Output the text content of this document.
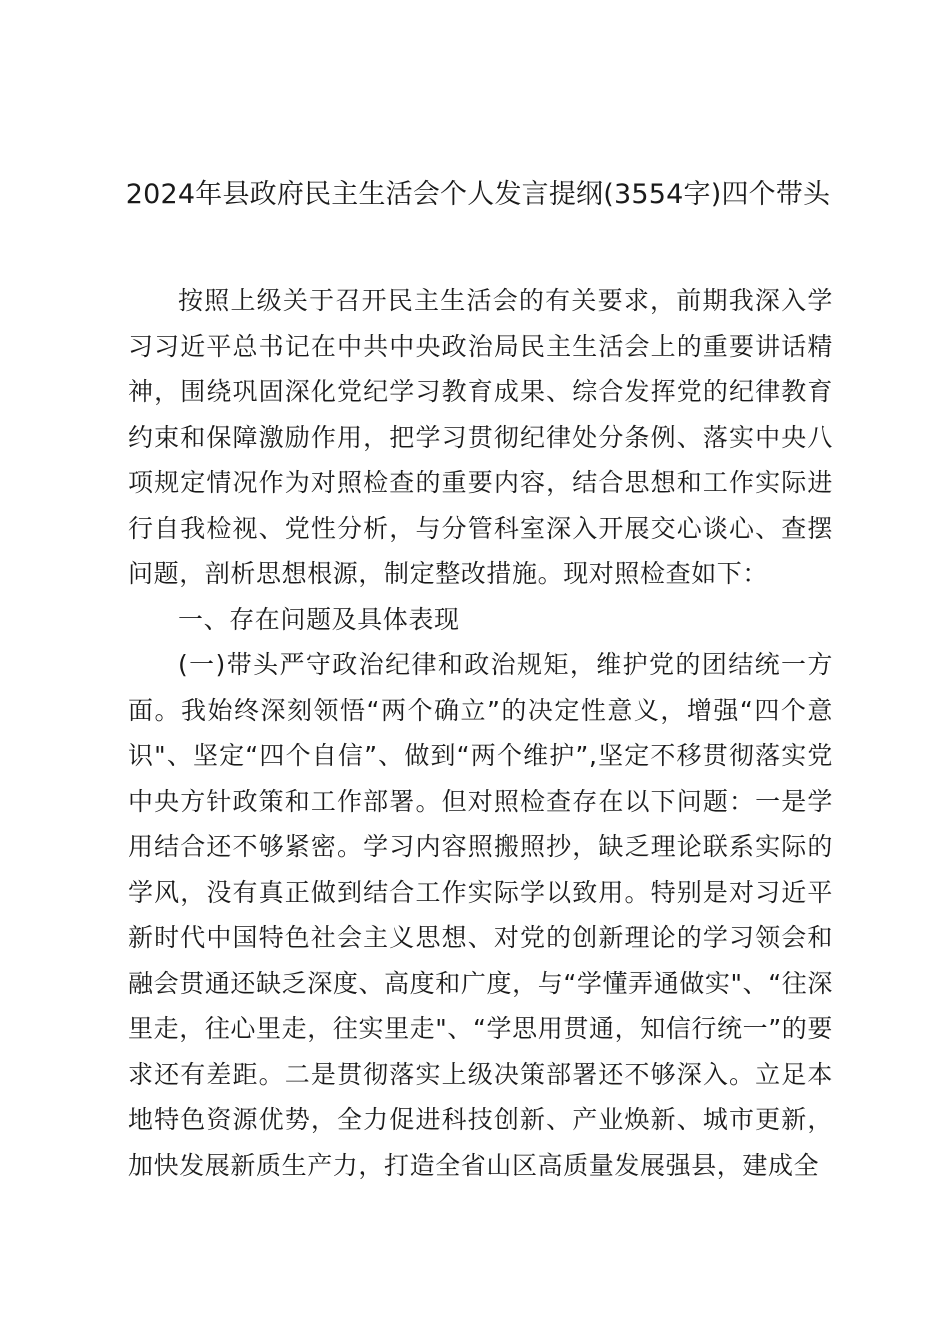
2024年县政府民主生活会个人发言提纲(3554字)四个带头

按照上级关于召开民主生活会的有关要求，前期我深入学习习近平总书记在中共中央政治局民主生活会上的重要讲话精神，围绕巩固深化党纪学习教育成果、综合发挥党的纪律教育约束和保障激励作用，把学习贯彻纪律处分条例、落实中央八项规定情况作为对照检查的重要内容，结合思想和工作实际进行自我检视、党性分析，与分管科室深入开展交心谈心、查摆问题，剖析思想根源，制定整改措施。现对照检查如下：

一、存在问题及具体表现

(一)带头严守政治纪律和政治规矩，维护党的团结统一方面。我始终深刻领悟“两个确立”的决定性意义，增强“四个意识"、坚定“四个自信”、做到“两个维护”,坚定不移贯彻落实党中央方针政策和工作部署。但对照检查存在以下问题：一是学用结合还不够紧密。学习内容照搬照抄，缺乏理论联系实际的学风，没有真正做到结合工作实际学以致用。特别是对习近平新时代中国特色社会主义思想、对党的创新理论的学习领会和融会贯通还缺乏深度、高度和广度，与“学懂弄通做实"、“往深里走，往心里走，往实里走"、“学思用贯通，知信行统一”的要求还有差距。二是贯彻落实上级决策部署还不够深入。立足本地特色资源优势，全力促进科技创新、产业焕新、城市更新，加快发展新质生产力，打造全省山区高质量发展强县，建成全
